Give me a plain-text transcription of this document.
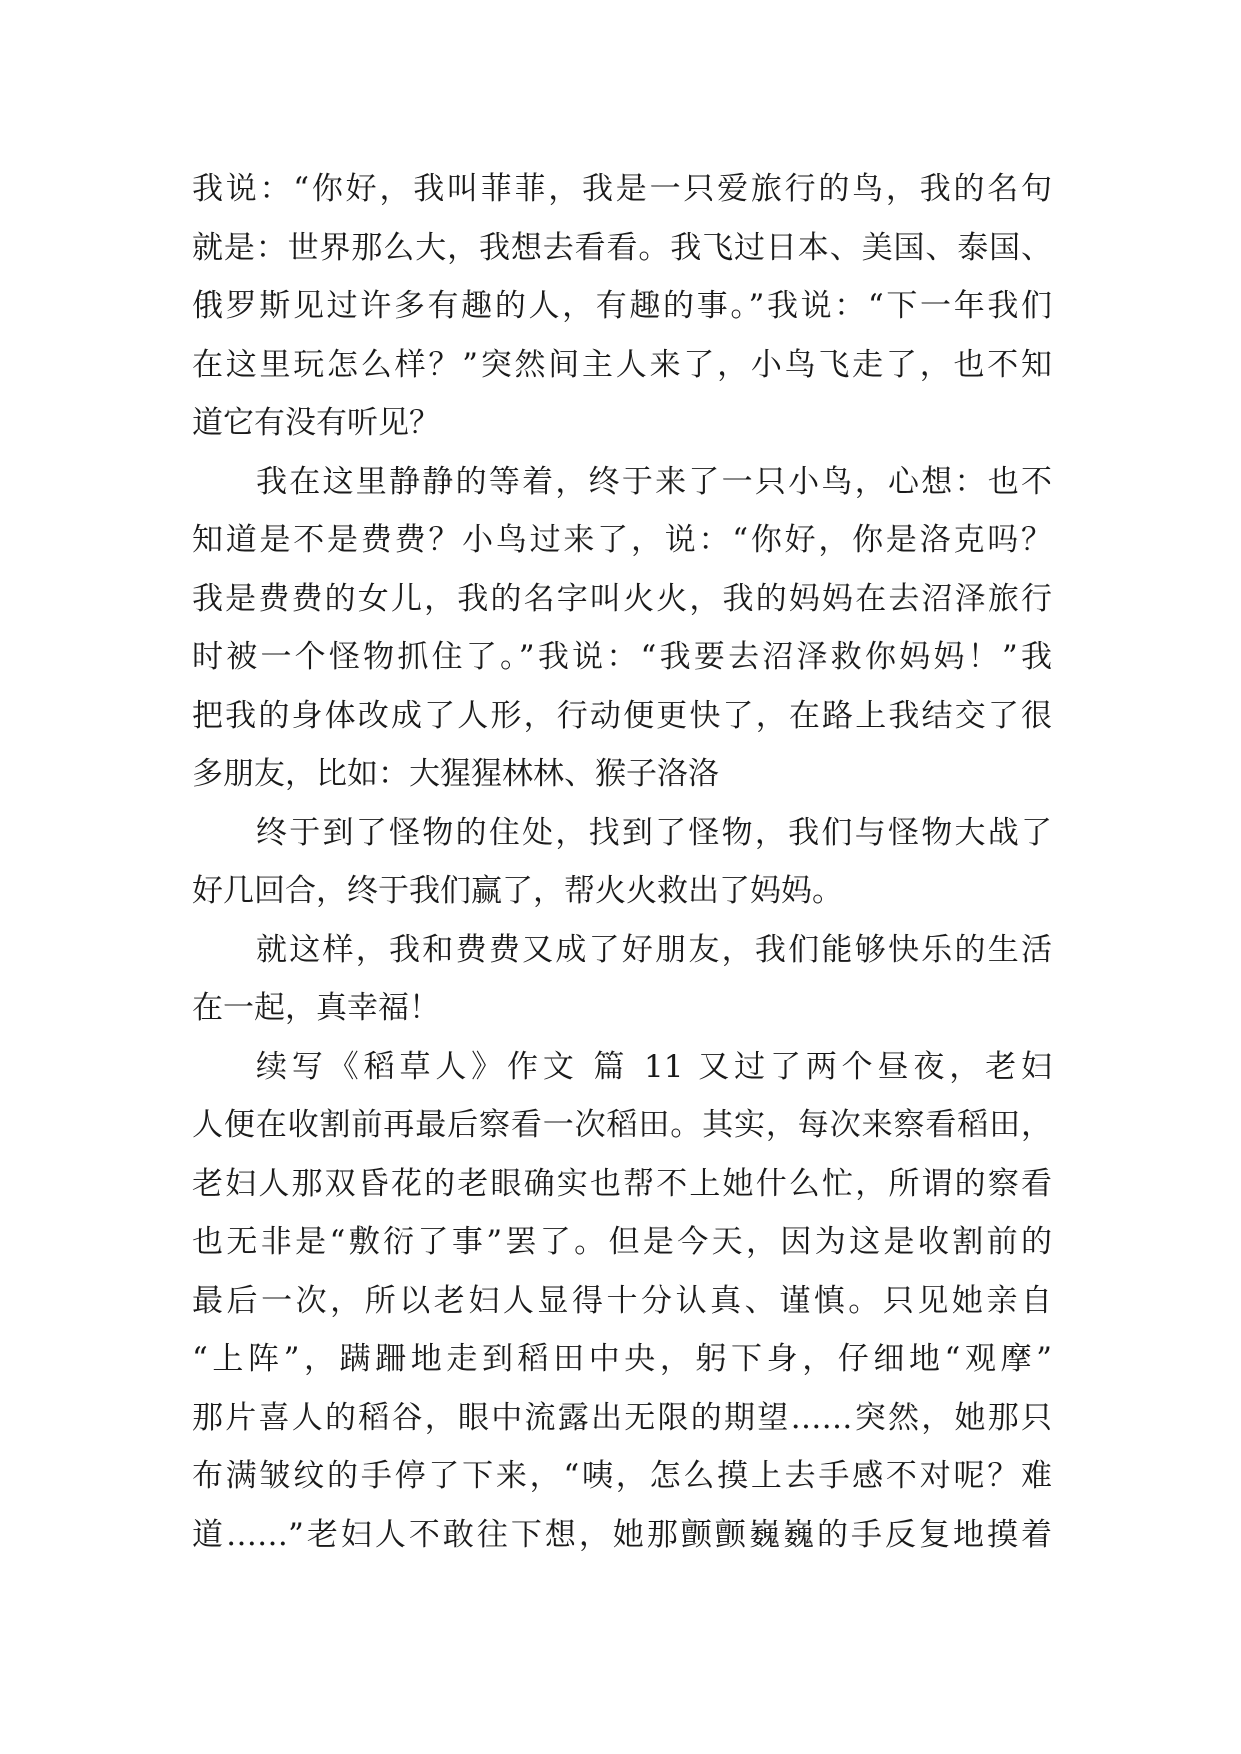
我说：“你好，我叫菲菲，我是一只爱旅行的鸟，我的名句
就是：世界那么大，我想去看看。我飞过日本、美国、泰国、
俄罗斯见过许多有趣的人，有趣的事。”我说：“下一年我们
在这里玩怎么样？”突然间主人来了，小鸟飞走了，也不知
道它有没有听见？
我在这里静静的等着，终于来了一只小鸟，心想：也不
知道是不是费费？小鸟过来了，说：“你好，你是洛克吗？
我是费费的女儿，我的名字叫火火，我的妈妈在去沼泽旅行
时被一个怪物抓住了。”我说：“我要去沼泽救你妈妈！”我
把我的身体改成了人形，行动便更快了，在路上我结交了很
多朋友，比如：大猩猩林林、猴子洛洛
终于到了怪物的住处，找到了怪物，我们与怪物大战了
好几回合，终于我们赢了，帮火火救出了妈妈。
就这样，我和费费又成了好朋友，我们能够快乐的生活
在一起，真幸福！
续写《稻草人》作文 篇 11 又过了两个昼夜，老妇
人便在收割前再最后察看一次稻田。其实，每次来察看稻田，
老妇人那双昏花的老眼确实也帮不上她什么忙，所谓的察看
也无非是“敷衍了事”罢了。但是今天，因为这是收割前的
最后一次，所以老妇人显得十分认真、谨慎。只见她亲自
“上阵”，蹒跚地走到稻田中央，躬下身，仔细地“观摩”
那片喜人的稻谷，眼中流露出无限的期望……突然，她那只
布满皱纹的手停了下来，“咦，怎么摸上去手感不对呢？难
道……”老妇人不敢往下想，她那颤颤巍巍的手反复地摸着
